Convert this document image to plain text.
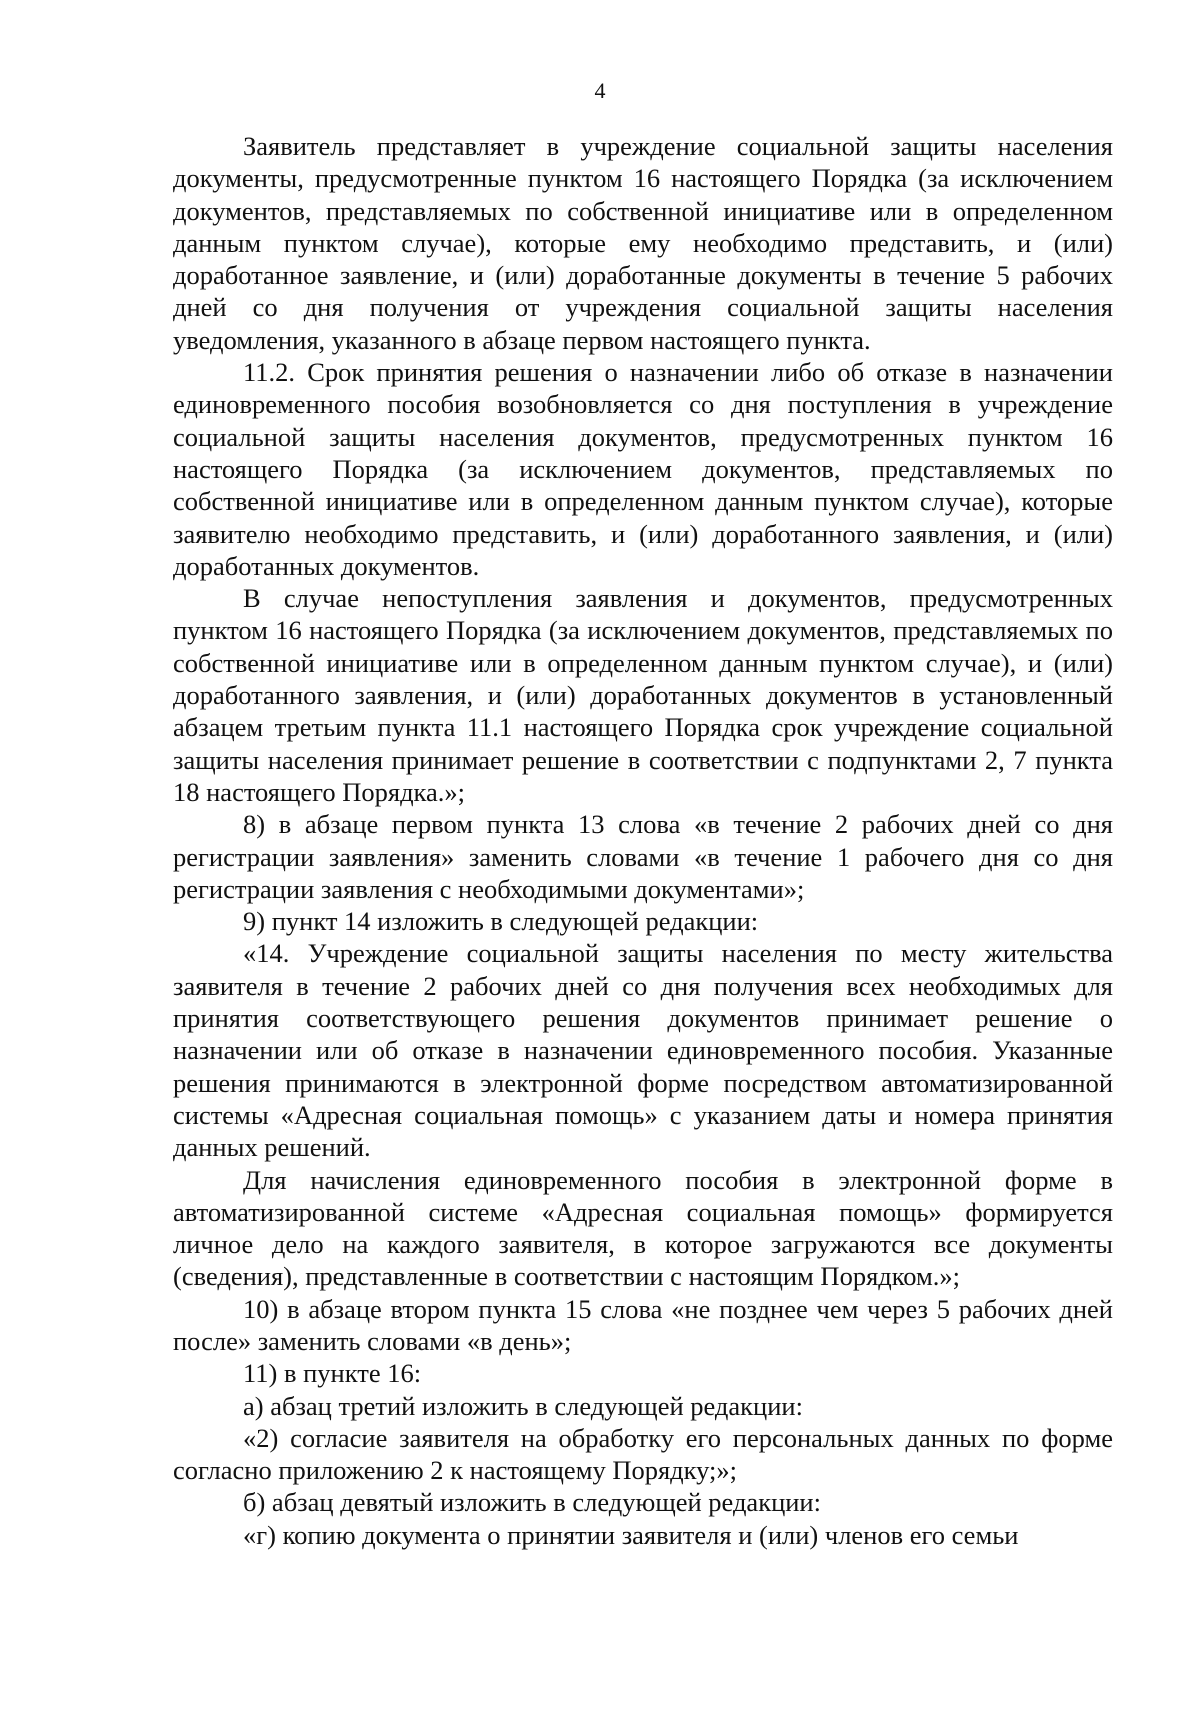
4

Заявитель представляет в учреждение социальной защиты населения документы, предусмотренные пунктом 16 настоящего Порядка (за исключением документов, представляемых по собственной инициативе или в определенном данным пунктом случае), которые ему необходимо представить, и (или) доработанное заявление, и (или) доработанные документы в течение 5 рабочих дней со дня получения от учреждения социальной защиты населения уведомления, указанного в абзаце первом настоящего пункта.

11.2. Срок принятия решения о назначении либо об отказе в назначении единовременного пособия возобновляется со дня поступления в учреждение социальной защиты населения документов, предусмотренных пунктом 16 настоящего Порядка (за исключением документов, представляемых по собственной инициативе или в определенном данным пунктом случае), которые заявителю необходимо представить, и (или) доработанного заявления, и (или) доработанных документов.

В случае непоступления заявления и документов, предусмотренных пунктом 16 настоящего Порядка (за исключением документов, представляемых по собственной инициативе или в определенном данным пунктом случае), и (или) доработанного заявления, и (или) доработанных документов в установленный абзацем третьим пункта 11.1 настоящего Порядка срок учреждение социальной защиты населения принимает решение в соответствии с подпунктами 2, 7 пункта 18 настоящего Порядка.»;

8) в абзаце первом пункта 13 слова «в течение 2 рабочих дней со дня регистрации заявления» заменить словами «в течение 1 рабочего дня со дня регистрации заявления с необходимыми документами»;

9) пункт 14 изложить в следующей редакции:

«14. Учреждение социальной защиты населения по месту жительства заявителя в течение 2 рабочих дней со дня получения всех необходимых для принятия соответствующего решения документов принимает решение о назначении или об отказе в назначении единовременного пособия. Указанные решения принимаются в электронной форме посредством автоматизированной системы «Адресная социальная помощь» с указанием даты и номера принятия данных решений.

Для начисления единовременного пособия в электронной форме в автоматизированной системе «Адресная социальная помощь» формируется личное дело на каждого заявителя, в которое загружаются все документы (сведения), представленные в соответствии с настоящим Порядком.»;

10) в абзаце втором пункта 15 слова «не позднее чем через 5 рабочих дней после» заменить словами «в день»;

11) в пункте 16:

а) абзац третий изложить в следующей редакции:

«2) согласие заявителя на обработку его персональных данных по форме согласно приложению 2 к настоящему Порядку;»;

б) абзац девятый изложить в следующей редакции:

«г) копию документа о принятии заявителя и (или) членов его семьи
